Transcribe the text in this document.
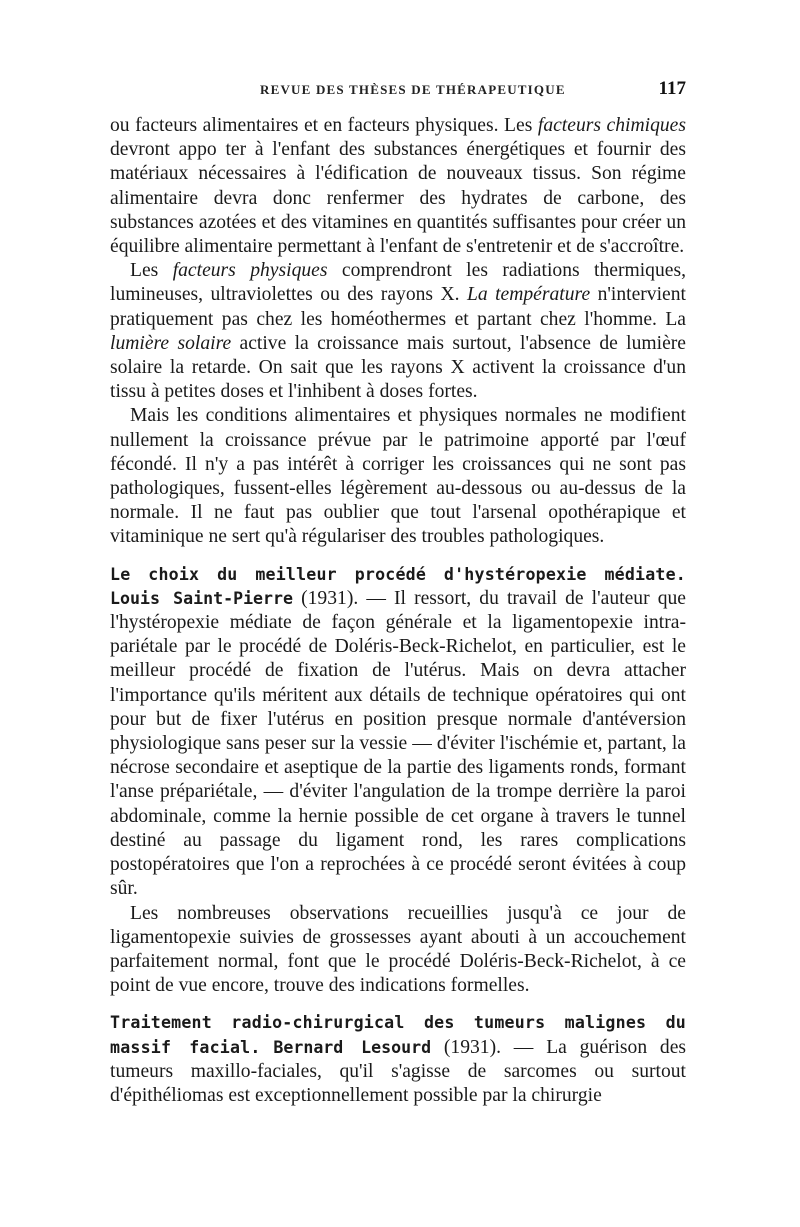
REVUE DES THÈSES DE THÉRAPEUTIQUE	117

ou facteurs alimentaires et en facteurs physiques. Les facteurs chimiques devront appo ter à l'enfant des substances énergétiques et fournir des matériaux nécessaires à l'édification de nouveaux tissus. Son régime alimentaire devra donc renfermer des hydrates de carbone, des substances azotées et des vitamines en quantités suffisantes pour créer un équilibre alimentaire permettant à l'enfant de s'entretenir et de s'accroître.

Les facteurs physiques comprendront les radiations thermiques, lumineuses, ultraviolettes ou des rayons X. La température n'intervient pratiquement pas chez les homéothermes et partant chez l'homme. La lumière solaire active la croissance mais surtout, l'absence de lumière solaire la retarde. On sait que les rayons X activent la croissance d'un tissu à petites doses et l'inhibent à doses fortes.

Mais les conditions alimentaires et physiques normales ne modifient nullement la croissance prévue par le patrimoine apporté par l'œuf fécondé. Il n'y a pas intérêt à corriger les croissances qui ne sont pas pathologiques, fussent-elles légèrement au-dessous ou au-dessus de la normale. Il ne faut pas oublier que tout l'arsenal opothérapique et vitaminique ne sert qu'à régulariser des troubles pathologiques.

Le choix du meilleur procédé d'hystéropexie médiate. Louis Saint-Pierre (1931). — Il ressort, du travail de l'auteur que l'hystéropexie médiate de façon générale et la ligamentopexie intra-pariétale par le procédé de Doléris-Beck-Richelot, en particulier, est le meilleur procédé de fixation de l'utérus. Mais on devra attacher l'importance qu'ils méritent aux détails de technique opératoires qui ont pour but de fixer l'utérus en position presque normale d'antéversion physiologique sans peser sur la vessie — d'éviter l'ischémie et, partant, la nécrose secondaire et aseptique de la partie des ligaments ronds, formant l'anse prépariétale, — d'éviter l'angulation de la trompe derrière la paroi abdominale, comme la hernie possible de cet organe à travers le tunnel destiné au passage du ligament rond, les rares complications postopératoires que l'on a reprochées à ce procédé seront évitées à coup sûr.

Les nombreuses observations recueillies jusqu'à ce jour de ligamentopexie suivies de grossesses ayant abouti à un accouchement parfaitement normal, font que le procédé Doléris-Beck-Richelot, à ce point de vue encore, trouve des indications formelles.

Traitement radio-chirurgical des tumeurs malignes du massif facial. Bernard Lesourd (1931). — La guérison des tumeurs maxillo-faciales, qu'il s'agisse de sarcomes ou surtout d'épithéliomas est exceptionnellement possible par la chirurgie
